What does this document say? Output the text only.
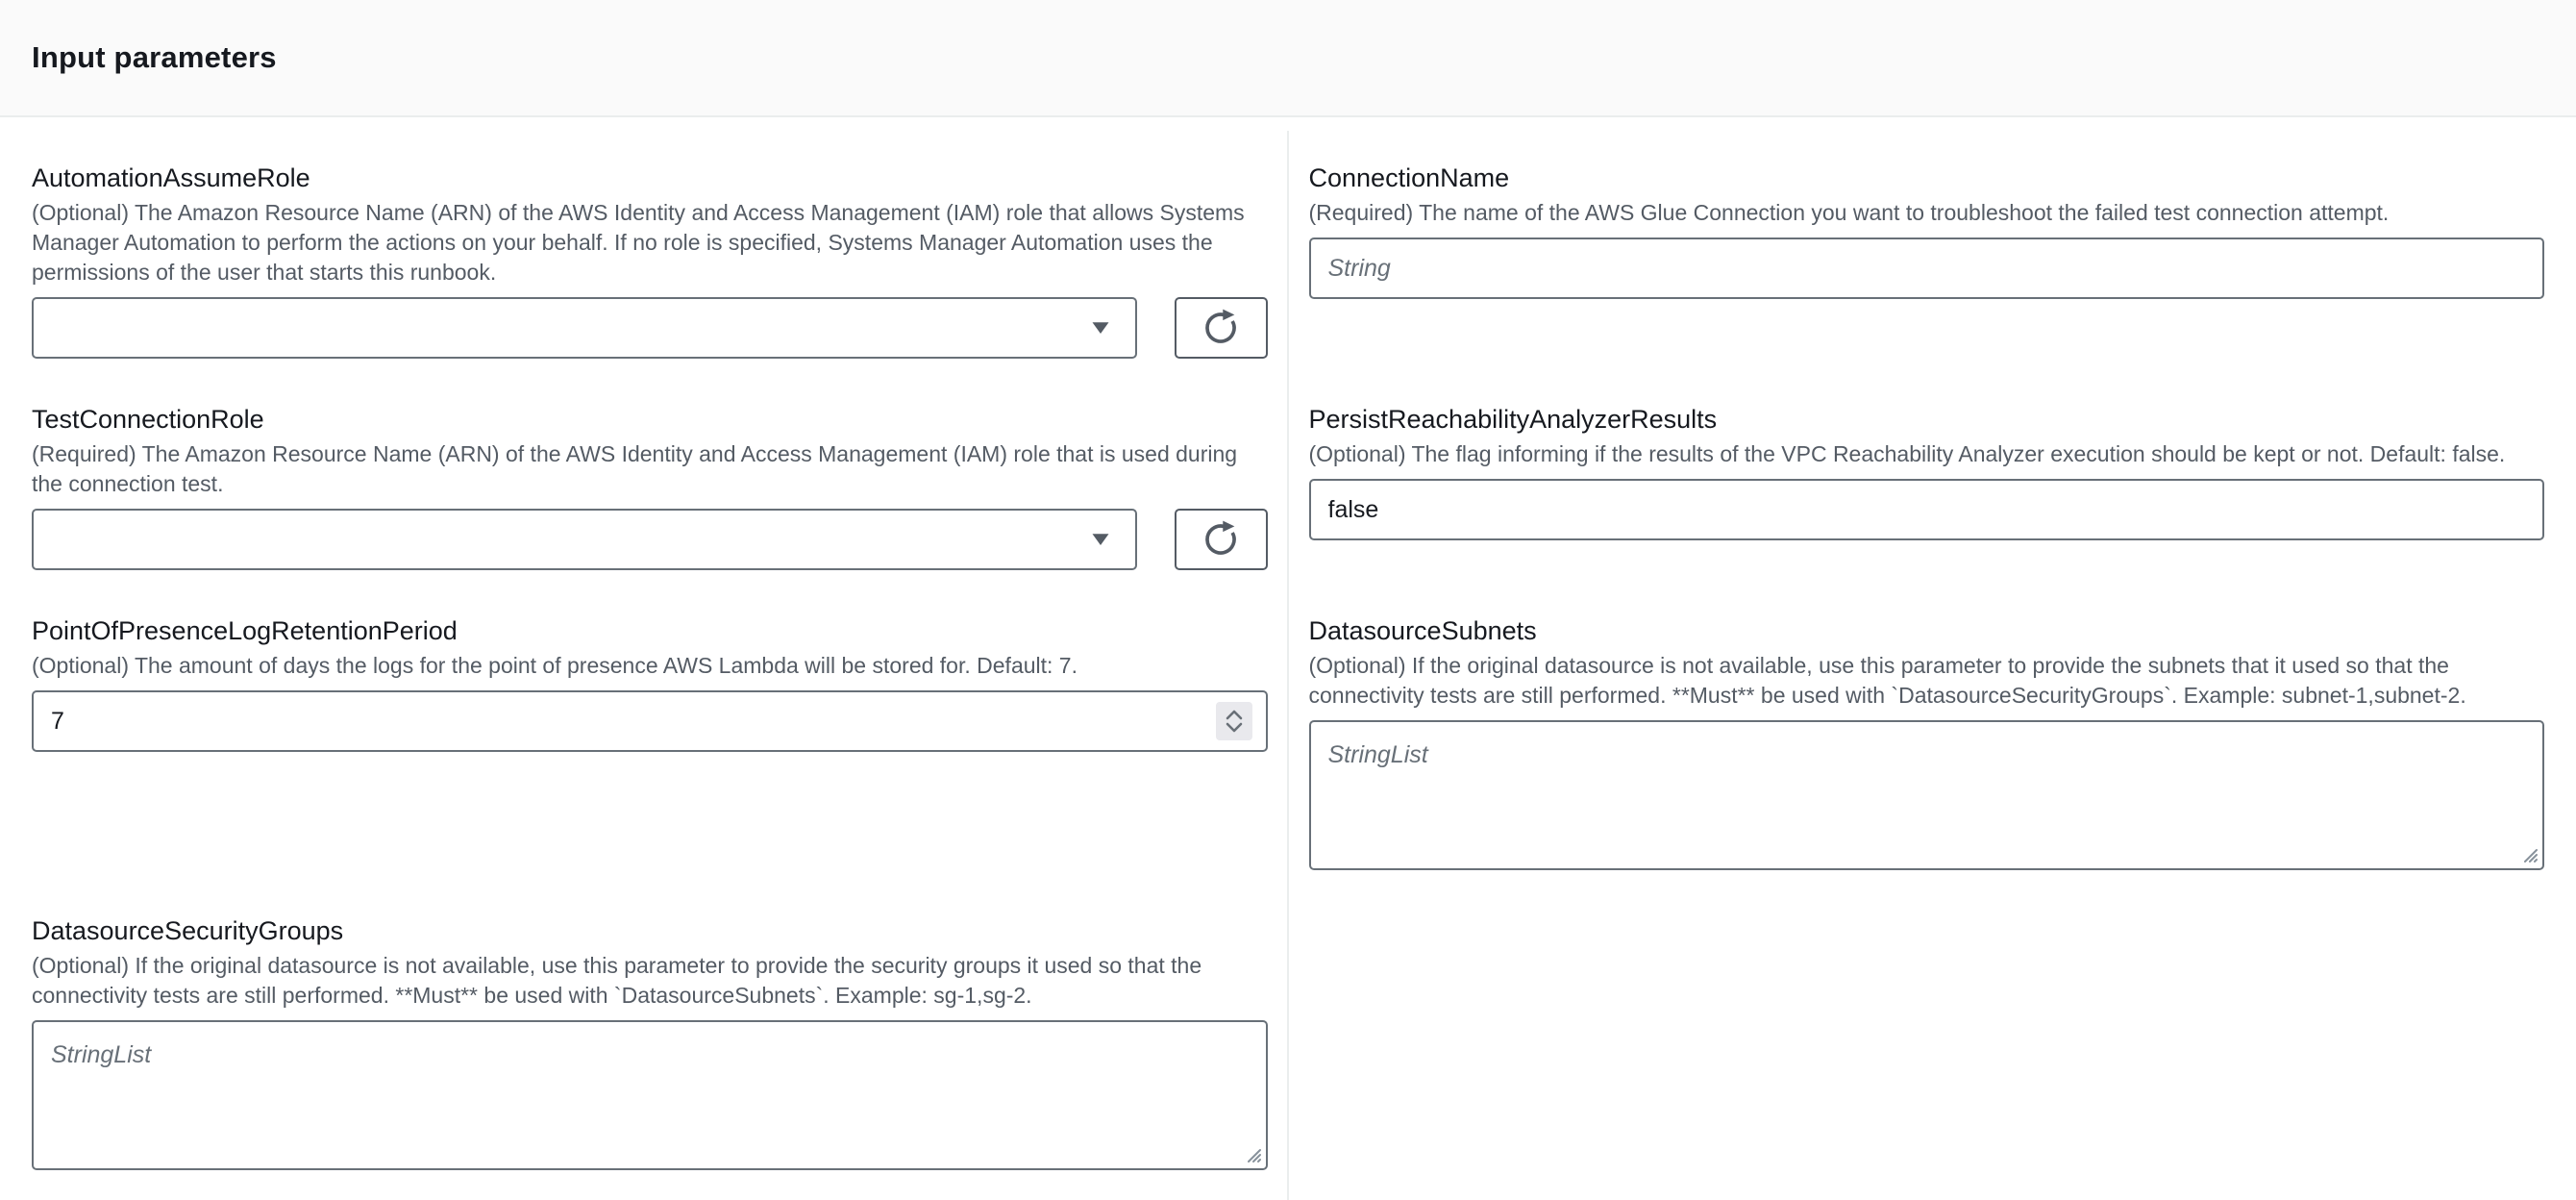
Input parameters
AutomationAssumeRole
(Optional) The Amazon Resource Name (ARN) of the AWS Identity and Access Management (IAM) role that allows Systems Manager Automation to perform the actions on your behalf. If no role is specified, Systems Manager Automation uses the permissions of the user that starts this runbook.
ConnectionName
(Required) The name of the AWS Glue Connection you want to troubleshoot the failed test connection attempt.
String
TestConnectionRole
(Required) The Amazon Resource Name (ARN) of the AWS Identity and Access Management (IAM) role that is used during the connection test.
PersistReachabilityAnalyzerResults
(Optional) The flag informing if the results of the VPC Reachability Analyzer execution should be kept or not. Default: false.
false
PointOfPresenceLogRetentionPeriod
(Optional) The amount of days the logs for the point of presence AWS Lambda will be stored for. Default: 7.
7
DatasourceSubnets
(Optional) If the original datasource is not available, use this parameter to provide the subnets that it used so that the connectivity tests are still performed. **Must** be used with `DatasourceSecurityGroups`. Example: subnet-1,subnet-2.
StringList
DatasourceSecurityGroups
(Optional) If the original datasource is not available, use this parameter to provide the security groups it used so that the connectivity tests are still performed. **Must** be used with `DatasourceSubnets`. Example: sg-1,sg-2.
StringList
